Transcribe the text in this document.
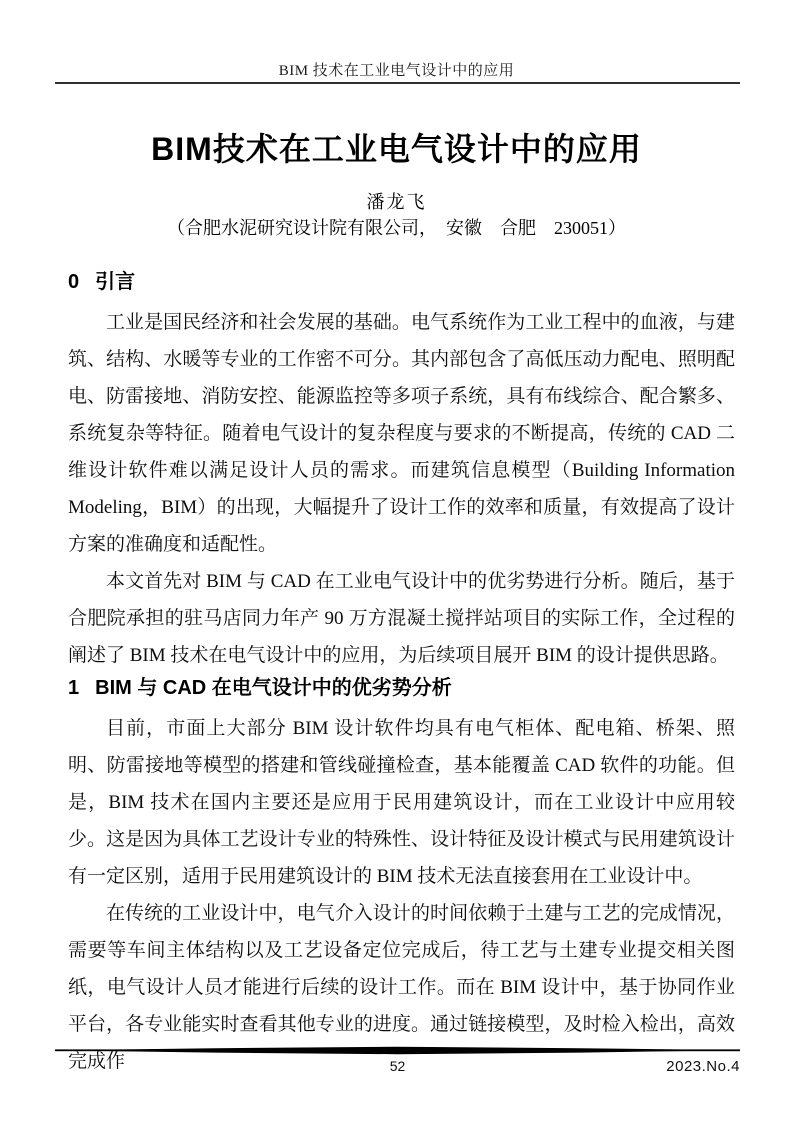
BIM 技术在工业电气设计中的应用
BIM技术在工业电气设计中的应用
潘龙飞
（合肥水泥研究设计院有限公司，　安徽　合肥　230051）
0 引言

工业是国民经济和社会发展的基础。电气系统作为工业工程中的血液，与建筑、结构、水暖等专业的工作密不可分。其内部包含了高低压动力配电、照明配电、防雷接地、消防安控、能源监控等多项子系统，具有布线综合、配合繁多、系统复杂等特征。随着电气设计的复杂程度与要求的不断提高，传统的 CAD 二维设计软件难以满足设计人员的需求。而建筑信息模型（Building Information Modeling，BIM）的出现，大幅提升了设计工作的效率和质量，有效提高了设计方案的准确度和适配性。

本文首先对 BIM 与 CAD 在工业电气设计中的优劣势进行分析。随后，基于合肥院承担的驻马店同力年产 90 万方混凝土搅拌站项目的实际工作，全过程的阐述了 BIM 技术在电气设计中的应用，为后续项目展开 BIM 的设计提供思路。

1 BIM 与 CAD 在电气设计中的优劣势分析

目前，市面上大部分 BIM 设计软件均具有电气柜体、配电箱、桥架、照明、防雷接地等模型的搭建和管线碰撞检查，基本能覆盖 CAD 软件的功能。但是，BIM 技术在国内主要还是应用于民用建筑设计，而在工业设计中应用较少。这是因为具体工艺设计专业的特殊性、设计特征及设计模式与民用建筑设计有一定区别，适用于民用建筑设计的 BIM 技术无法直接套用在工业设计中。

在传统的工业设计中，电气介入设计的时间依赖于土建与工艺的完成情况，需要等车间主体结构以及工艺设备定位完成后，待工艺与土建专业提交相关图纸，电气设计人员才能进行后续的设计工作。而在 BIM 设计中，基于协同作业平台，各专业能实时查看其他专业的进度。通过链接模型，及时检入检出，高效完成作	52	2023.No.4
